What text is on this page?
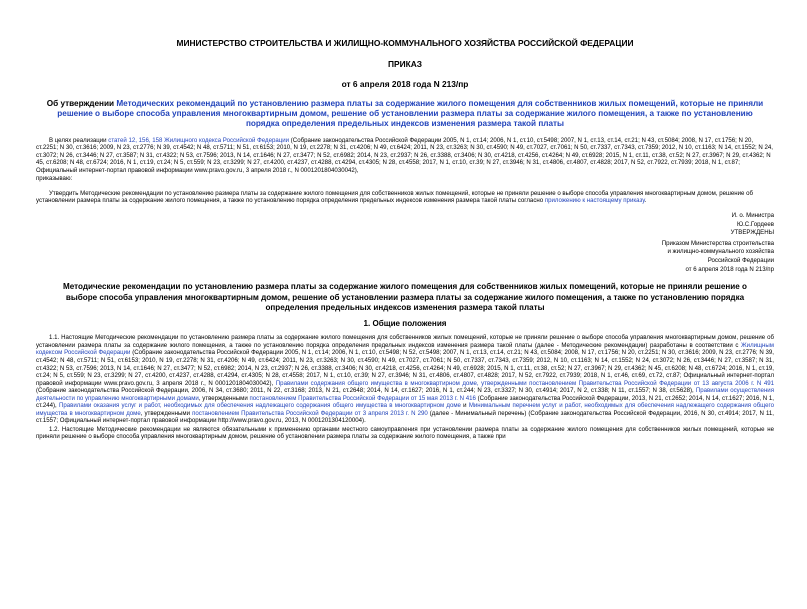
МИНИСТЕРСТВО СТРОИТЕЛЬСТВА И ЖИЛИЩНО-КОММУНАЛЬНОГО ХОЗЯЙСТВА РОССИЙСКОЙ ФЕДЕРАЦИИ
ПРИКАЗ
от 6 апреля 2018 года N 213/пр
Об утверждении Методических рекомендаций по установлению размера платы за содержание жилого помещения для собственников жилых помещений, которые не приняли решение о выборе способа управления многоквартирным домом, решение об установлении размера платы за содержание жилого помещения, а также по установлению порядка определения предельных индексов изменения размера такой платы

В целях реализации статей 12, 156, 158 Жилищного кодекса Российской Федерации (Собрание законодательства Российской Федерации 2005, N 1, ст.14; 2006, N 1, ст.10, ст.5498; 2007, N 1, ст.13, ст.14, ст.21; N 43, ст.5084; 2008, N 17, ст.1756; N 20, ст.2251; N 30, ст.3616; 2009, N 23, ст.2776; N 39, ст.4542; N 48, ст.5711; N 51, ст.6153; 2010, N 19, ст.2278; N 31, ст.4206; N 49, ст.6424; 2011, N 23, ст.3263; N 30, ст.4590; N 49, ст.7027, ст.7061; N 50, ст.7337, ст.7343, ст.7359; 2012, N 10, ст.1163; N 14, ст.1552; N 24, ст.3072; N 26, ст.3446; N 27, ст.3587; N 31, ст.4322; N 53, ст.7596; 2013, N 14, ст.1646; N 27, ст.3477; N 52, ст.6982; 2014, N 23, ст.2937; N 26, ст.3388, ст.3406; N 30, ст.4218, ст.4256, ст.4264; N 49, ст.6928; 2015, N 1, ст.11, ст.38, ст.52; N 27, ст.3967; N 29, ст.4362; N 45, ст.6208; N 48, ст.6724; 2016, N 1, ст.19, ст.24; N 5, ст.559; N 23, ст.3299; N 27, ст.4200, ст.4237, ст.4288, ст.4294, ст.4305; N 28, ст.4558; 2017, N 1, ст.10, ст.39; N 27, ст.3946; N 31, ст.4806, ст.4807, ст.4828; 2017, N 52, ст.7922, ст.7939; 2018, N 1, ст.87; Официальный интернет-портал правовой информации www.pravo.gov.ru, 3 апреля 2018 г., N 0001201804030042),

приказываю:

Утвердить Методические рекомендации по установлению размера платы за содержание жилого помещения для собственников жилых помещений, которые не приняли решение о выборе способа управления многоквартирным домом, решение об установлении размера платы за содержание жилого помещения, а также по установлению порядка определения предельных индексов изменения размера такой платы согласно приложению к настоящему приказу.

И. о. Министра
Ю.С.Гордеев
УТВЕРЖДЕНЫ
Приказом Министерства строительства
и жилищно-коммунального хозяйства
Российской Федерации
от 6 апреля 2018 года N 213/пр
Методические рекомендации по установлению размера платы за содержание жилого помещения для собственников жилых помещений, которые не приняли решение о выборе способа управления многоквартирным домом, решение об установлении размера платы за содержание жилого помещения, а также по установлению порядка определения предельных индексов изменения размера такой платы
1. Общие положения

1.1. Настоящие Методические рекомендации по установлению размера платы за содержание жилого помещения для собственников жилых помещений, которые не приняли решение о выборе способа управления многоквартирным домом, решение об установлении размера платы за содержание жилого помещения, а также по установлению порядка определения предельных индексов изменения размера такой платы (далее - Методические рекомендации) разработаны в соответствии с Жилищным кодексом Российской Федерации (Собрание законодательства Российской Федерации 2005, N 1, ст.14; 2006, N 1, ст.10, ст.5498; N 52, ст.5498; 2007, N 1, ст.13, ст.14, ст.21; N 43, ст.5084; 2008, N 17, ст.1756; N 20, ст.2251; N 30, ст.3616; 2009, N 23, ст.2776; N 39, ст.4542; N 48, ст.5711; N 51, ст.6153; 2010, N 19, ст.2278; N 31, ст.4206; N 49, ст.6424; 2011, N 23, ст.3263; N 30, ст.4590; N 49, ст.7027, ст.7061; N 50, ст.7337, ст.7343, ст.7359; 2012, N 10, ст.1163; N 14, ст.1552; N 24, ст.3072; N 26, ст.3446; N 27, ст.3587; N 31, ст.4322; N 53, ст.7596; 2013, N 14, ст.1646; N 27, ст.3477; N 52, ст.6982; 2014, N 23, ст.2937; N 26, ст.3388, ст.3406; N 30, ст.4218, ст.4256, ст.4264; N 49, ст.6928; 2015, N 1, ст.11, ст.38, ст.52; N 27, ст.3967; N 29, ст.4362; N 45, ст.6208; N 48, ст.6724; 2016, N 1, ст.19, ст.24; N 5, ст.559; N 23, ст.3299; N 27, ст.4200, ст.4237, ст.4288, ст.4294, ст.4305; N 28, ст.4558; 2017, N 1, ст.10, ст.39; N 27, ст.3946; N 31, ст.4806, ст.4807, ст.4828; 2017, N 52, ст.7922, ст.7939; 2018, N 1, ст.46, ст.69, ст.72, ст.87; Официальный интернет-портал правовой информации www.pravo.gov.ru, 3 апреля 2018 г., N 0001201804030042), Правилами содержания общего имущества в многоквартирном доме, утвержденными постановлением Правительства Российской Федерации от 13 августа 2006 г. N 491 (Собрание законодательства Российской Федерации, 2006, N 34, ст.3680; 2011, N 22, ст.3168; 2013, N 21, ст.2648; 2014, N 14, ст.1627; 2016, N 1, ст.244; N 23, ст.3327; N 30, ст.4914; 2017, N 2, ст.338; N 11, ст.1557; N 38, ст.5628), Правилами осуществления деятельности по управлению многоквартирными домами, утвержденными постановлением Правительства Российской Федерации от 15 мая 2013 г. N 416 (Собрание законодательства Российской Федерации, 2013, N 21, ст.2652; 2014, N 14, ст.1627; 2016, N 1, ст.244), Правилами оказания услуг и работ, необходимых для обеспечения надлежащего содержания общего имущества в многоквартирном доме и Минимальным перечнем услуг и работ, необходимых для обеспечения надлежащего содержания общего имущества в многоквартирном доме, утвержденными постановлением Правительства Российской Федерации от 3 апреля 2013 г. N 290 (далее - Минимальный перечень) (Собрание законодательства Российской Федерации, 2016, N 30, ст.4914; 2017, N 11, ст.1557; Официальный интернет-портал правовой информации http://www.pravo.gov.ru, 2013, N 0001201304120004).

1.2. Настоящие Методические рекомендации не являются обязательными к применению органами местного самоуправления при установлении размера платы за содержание жилого помещения для собственников жилых помещений, которые не приняли решение о выборе способа управления многоквартирным домом, решение об установлении размера платы за содержание жилого помещения, а также при
